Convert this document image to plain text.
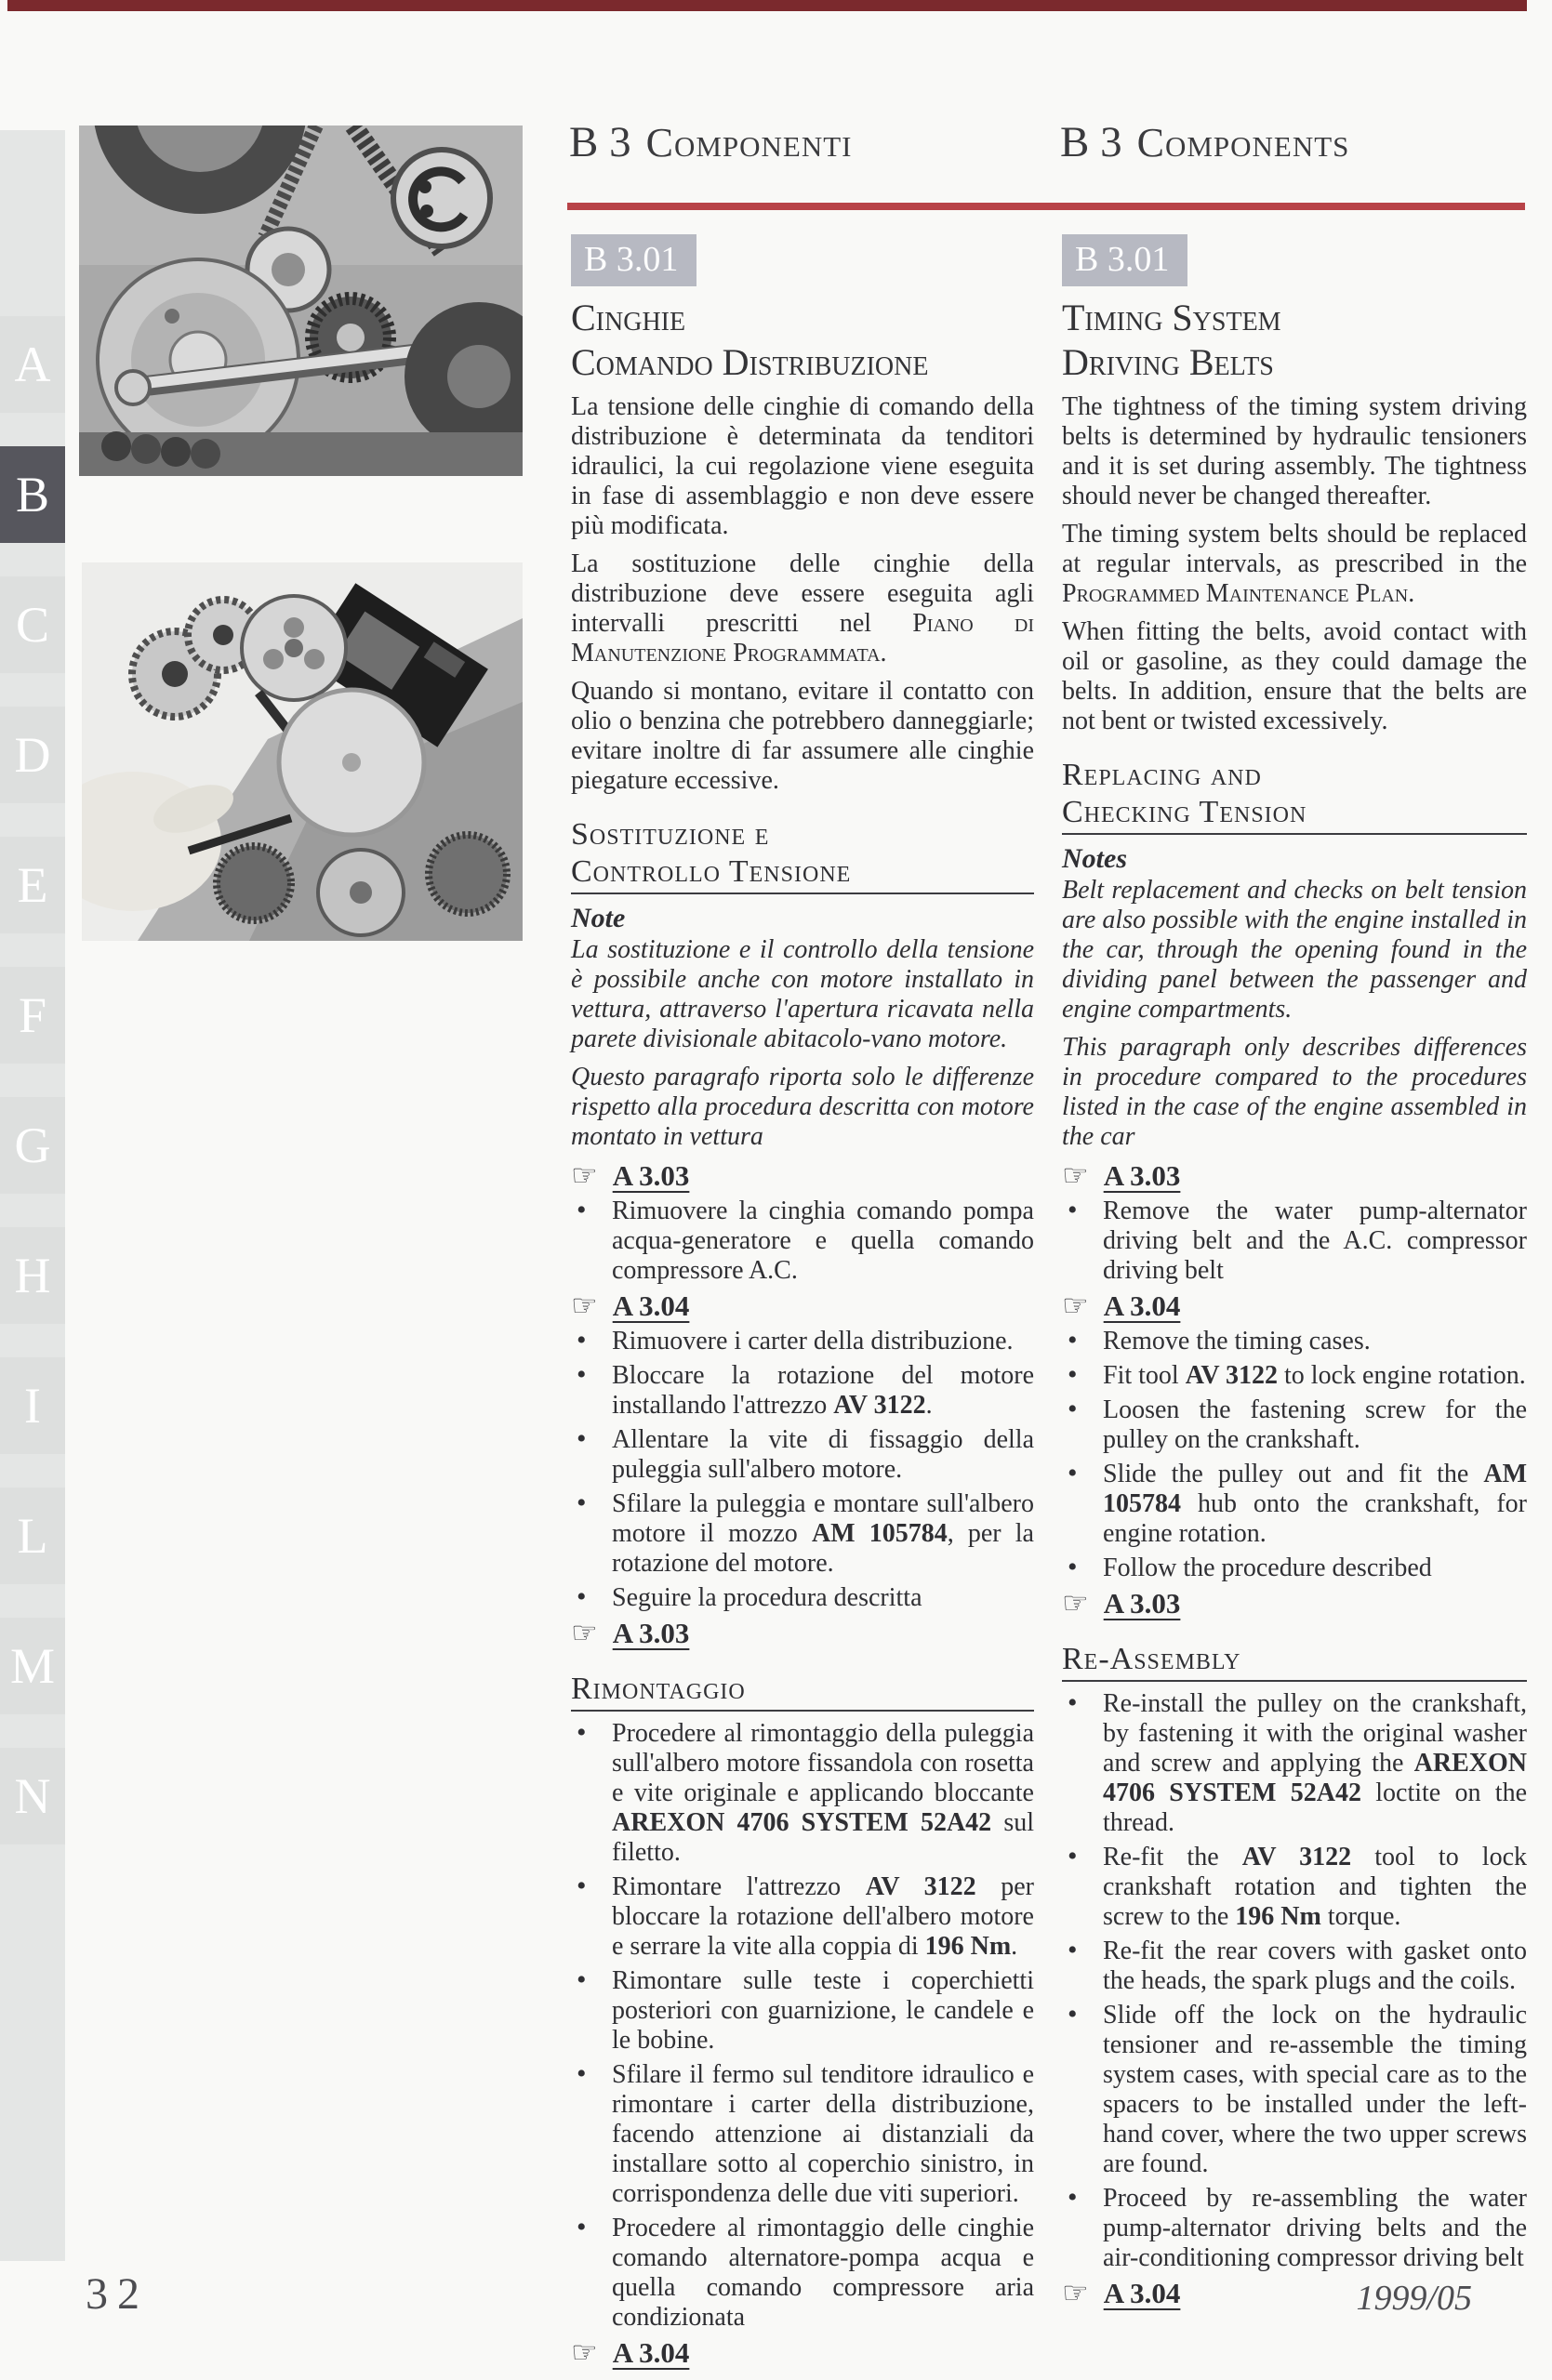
A
B
C
D
E
F
G
H
I
L
M
N
B 3 Componenti	B 3 Components
B 3.01
Cinghie
Comando Distribuzione
La tensione delle cinghie di comando della distribuzione è determinata da tenditori idraulici, la cui regolazione viene eseguita in fase di assemblaggio e non deve essere più modificata.
La sostituzione delle cinghie della distribuzione deve essere eseguita agli intervalli prescritti nel Piano di Manutenzione Programmata.
Quando si montano, evitare il contatto con olio o benzina che potrebbero danneggiarle; evitare inoltre di far assumere alle cinghie piegature eccessive.
Sostituzione e
Controllo Tensione
Note
La sostituzione e il controllo della tensione è possibile anche con motore installato in vettura, attraverso l'apertura ricavata nella parete divisionale abitacolo-vano motore.
Questo paragrafo riporta solo le differenze rispetto alla procedura descritta con motore montato in vettura
☞ A 3.03
• Rimuovere la cinghia comando pompa acqua-generatore e quella comando compressore A.C.
☞ A 3.04
• Rimuovere i carter della distribuzione.
• Bloccare la rotazione del motore installando l'attrezzo AV 3122.
• Allentare la vite di fissaggio della puleggia sull'albero motore.
• Sfilare la puleggia e montare sull'albero motore il mozzo AM 105784, per la rotazione del motore.
• Seguire la procedura descritta
☞ A 3.03
Rimontaggio
• Procedere al rimontaggio della puleggia sull'albero motore fissandola con rosetta e vite originale e applicando bloccante AREXON 4706 SYSTEM 52A42 sul filetto.
• Rimontare l'attrezzo AV 3122 per bloccare la rotazione dell'albero motore e serrare la vite alla coppia di 196 Nm.
• Rimontare sulle teste i coperchietti posteriori con guarnizione, le candele e le bobine.
• Sfilare il fermo sul tenditore idraulico e rimontare i carter della distribuzione, facendo attenzione ai distanziali da installare sotto al coperchio sinistro, in corrispondenza delle due viti superiori.
• Procedere al rimontaggio delle cinghie comando alternatore-pompa acqua e quella comando compressore aria condizionata
☞ A 3.04
B 3.01
Timing System
Driving Belts
The tightness of the timing system driving belts is determined by hydraulic tensioners and it is set during assembly. The tightness should never be changed thereafter.
The timing system belts should be replaced at regular intervals, as prescribed in the Programmed Maintenance Plan.
When fitting the belts, avoid contact with oil or gasoline, as they could damage the belts. In addition, ensure that the belts are not bent or twisted excessively.
Replacing and
Checking Tension
Notes
Belt replacement and checks on belt tension are also possible with the engine installed in the car, through the opening found in the dividing panel between the passenger and engine compartments.
This paragraph only describes differences in procedure compared to the procedures listed in the case of the engine assembled in the car
☞ A 3.03
• Remove the water pump-alternator driving belt and the A.C. compressor driving belt
☞ A 3.04
• Remove the timing cases.
• Fit tool AV 3122 to lock engine rotation.
• Loosen the fastening screw for the pulley on the crankshaft.
• Slide the pulley out and fit the AM 105784 hub onto the crankshaft, for engine rotation.
• Follow the procedure described
☞ A 3.03
Re-Assembly
• Re-install the pulley on the crankshaft, by fastening it with the original washer and screw and applying the AREXON 4706 SYSTEM 52A42 loctite on the thread.
• Re-fit the AV 3122 tool to lock crankshaft rotation and tighten the screw to the 196 Nm torque.
• Re-fit the rear covers with gasket onto the heads, the spark plugs and the coils.
• Slide off the lock on the hydraulic tensioner and re-assemble the timing system cases, with special care as to the spacers to be installed under the left-hand cover, where the two upper screws are found.
• Proceed by re-assembling the water pump-alternator driving belts and the air-conditioning compressor driving belt
☞ A 3.04
32	1999/05
